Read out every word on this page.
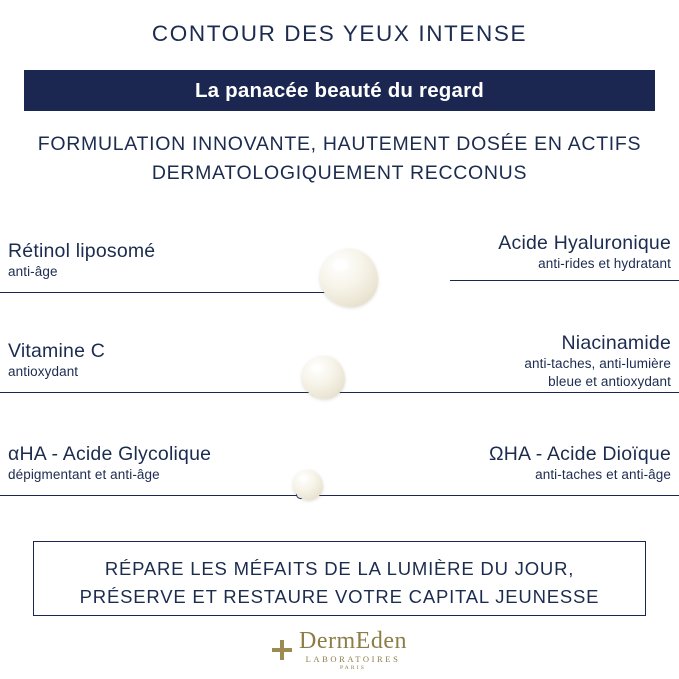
CONTOUR DES YEUX INTENSE
La panacée beauté du regard
FORMULATION INNOVANTE, HAUTEMENT DOSÉE EN ACTIFS
DERMATOLOGIQUEMENT RECCONUS
Rétinol liposomé
anti-âge
Acide Hyaluronique
anti-rides et hydratant
Vitamine C
antioxydant
Niacinamide
anti-taches, anti-lumière
bleue et antioxydant
αHA - Acide Glycolique
dépigmentant et anti-âge
ΩHA - Acide Dioïque
anti-taches et anti-âge
RÉPARE LES MÉFAITS DE LA LUMIÈRE DU JOUR,
PRÉSERVE ET RESTAURE VOTRE CAPITAL JEUNESSE
DermEden
LABORATOIRES
PARIS
